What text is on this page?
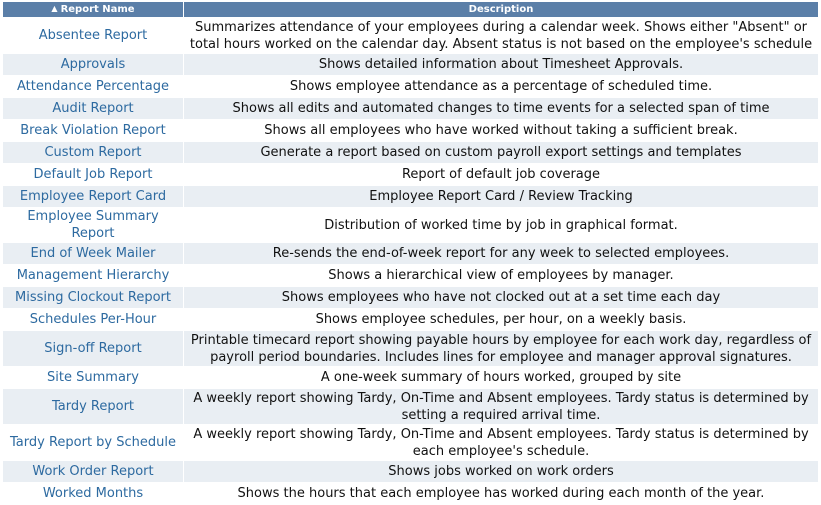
▲ Report Name	Description
Absentee Report	Summarizes attendance of your employees during a calendar week. Shows either "Absent" or total hours worked on the calendar day. Absent status is not based on the employee's schedule
Approvals	Shows detailed information about Timesheet Approvals.
Attendance Percentage	Shows employee attendance as a percentage of scheduled time.
Audit Report	Shows all edits and automated changes to time events for a selected span of time
Break Violation Report	Shows all employees who have worked without taking a sufficient break.
Custom Report	Generate a report based on custom payroll export settings and templates
Default Job Report	Report of default job coverage
Employee Report Card	Employee Report Card / Review Tracking
Employee Summary Report	Distribution of worked time by job in graphical format.
End of Week Mailer	Re-sends the end-of-week report for any week to selected employees.
Management Hierarchy	Shows a hierarchical view of employees by manager.
Missing Clockout Report	Shows employees who have not clocked out at a set time each day
Schedules Per-Hour	Shows employee schedules, per hour, on a weekly basis.
Sign-off Report	Printable timecard report showing payable hours by employee for each work day, regardless of payroll period boundaries. Includes lines for employee and manager approval signatures.
Site Summary	A one-week summary of hours worked, grouped by site
Tardy Report	A weekly report showing Tardy, On-Time and Absent employees. Tardy status is determined by setting a required arrival time.
Tardy Report by Schedule	A weekly report showing Tardy, On-Time and Absent employees. Tardy status is determined by each employee's schedule.
Work Order Report	Shows jobs worked on work orders
Worked Months	Shows the hours that each employee has worked during each month of the year.
